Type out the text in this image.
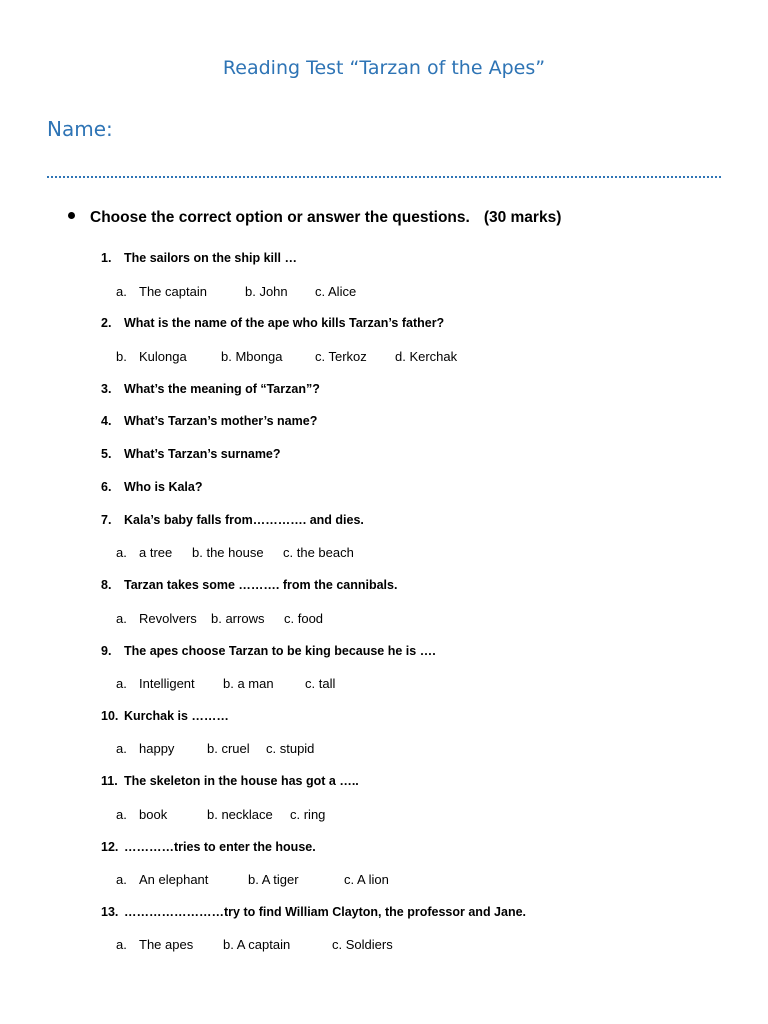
Reading Test “Tarzan of the Apes”
Name:
Choose the correct option or answer the questions. (30 marks)
1. The sailors on the ship kill …
a. The captain	b. John c. Alice
2. What is the name of the ape who kills Tarzan’s father?
b. Kulonga	b. Mbonga	c. Terkoz d. Kerchak
3. What’s the meaning of “Tarzan”?
4. What’s Tarzan’s mother’s name?
5. What’s Tarzan’s surname?
6. Who is Kala?
7. Kala’s baby falls from…………. and dies.
a. a tree b. the house c. the beach
8. Tarzan takes some ………. from the cannibals.
a. Revolvers b. arrows c. food
9. The apes choose Tarzan to be king because he is ….
a. Intelligent b. a man c. tall
10. Kurchak is ………
a. happy	b. cruel c. stupid
11. The skeleton in the house has got a …..
a. book	b. necklace c. ring
12. …………tries to enter the house.
a. An elephant	b. A tiger	c. A lion
13. ……………………try to find William Clayton, the professor and Jane.
a. The apes b. A captain	c. Soldiers
